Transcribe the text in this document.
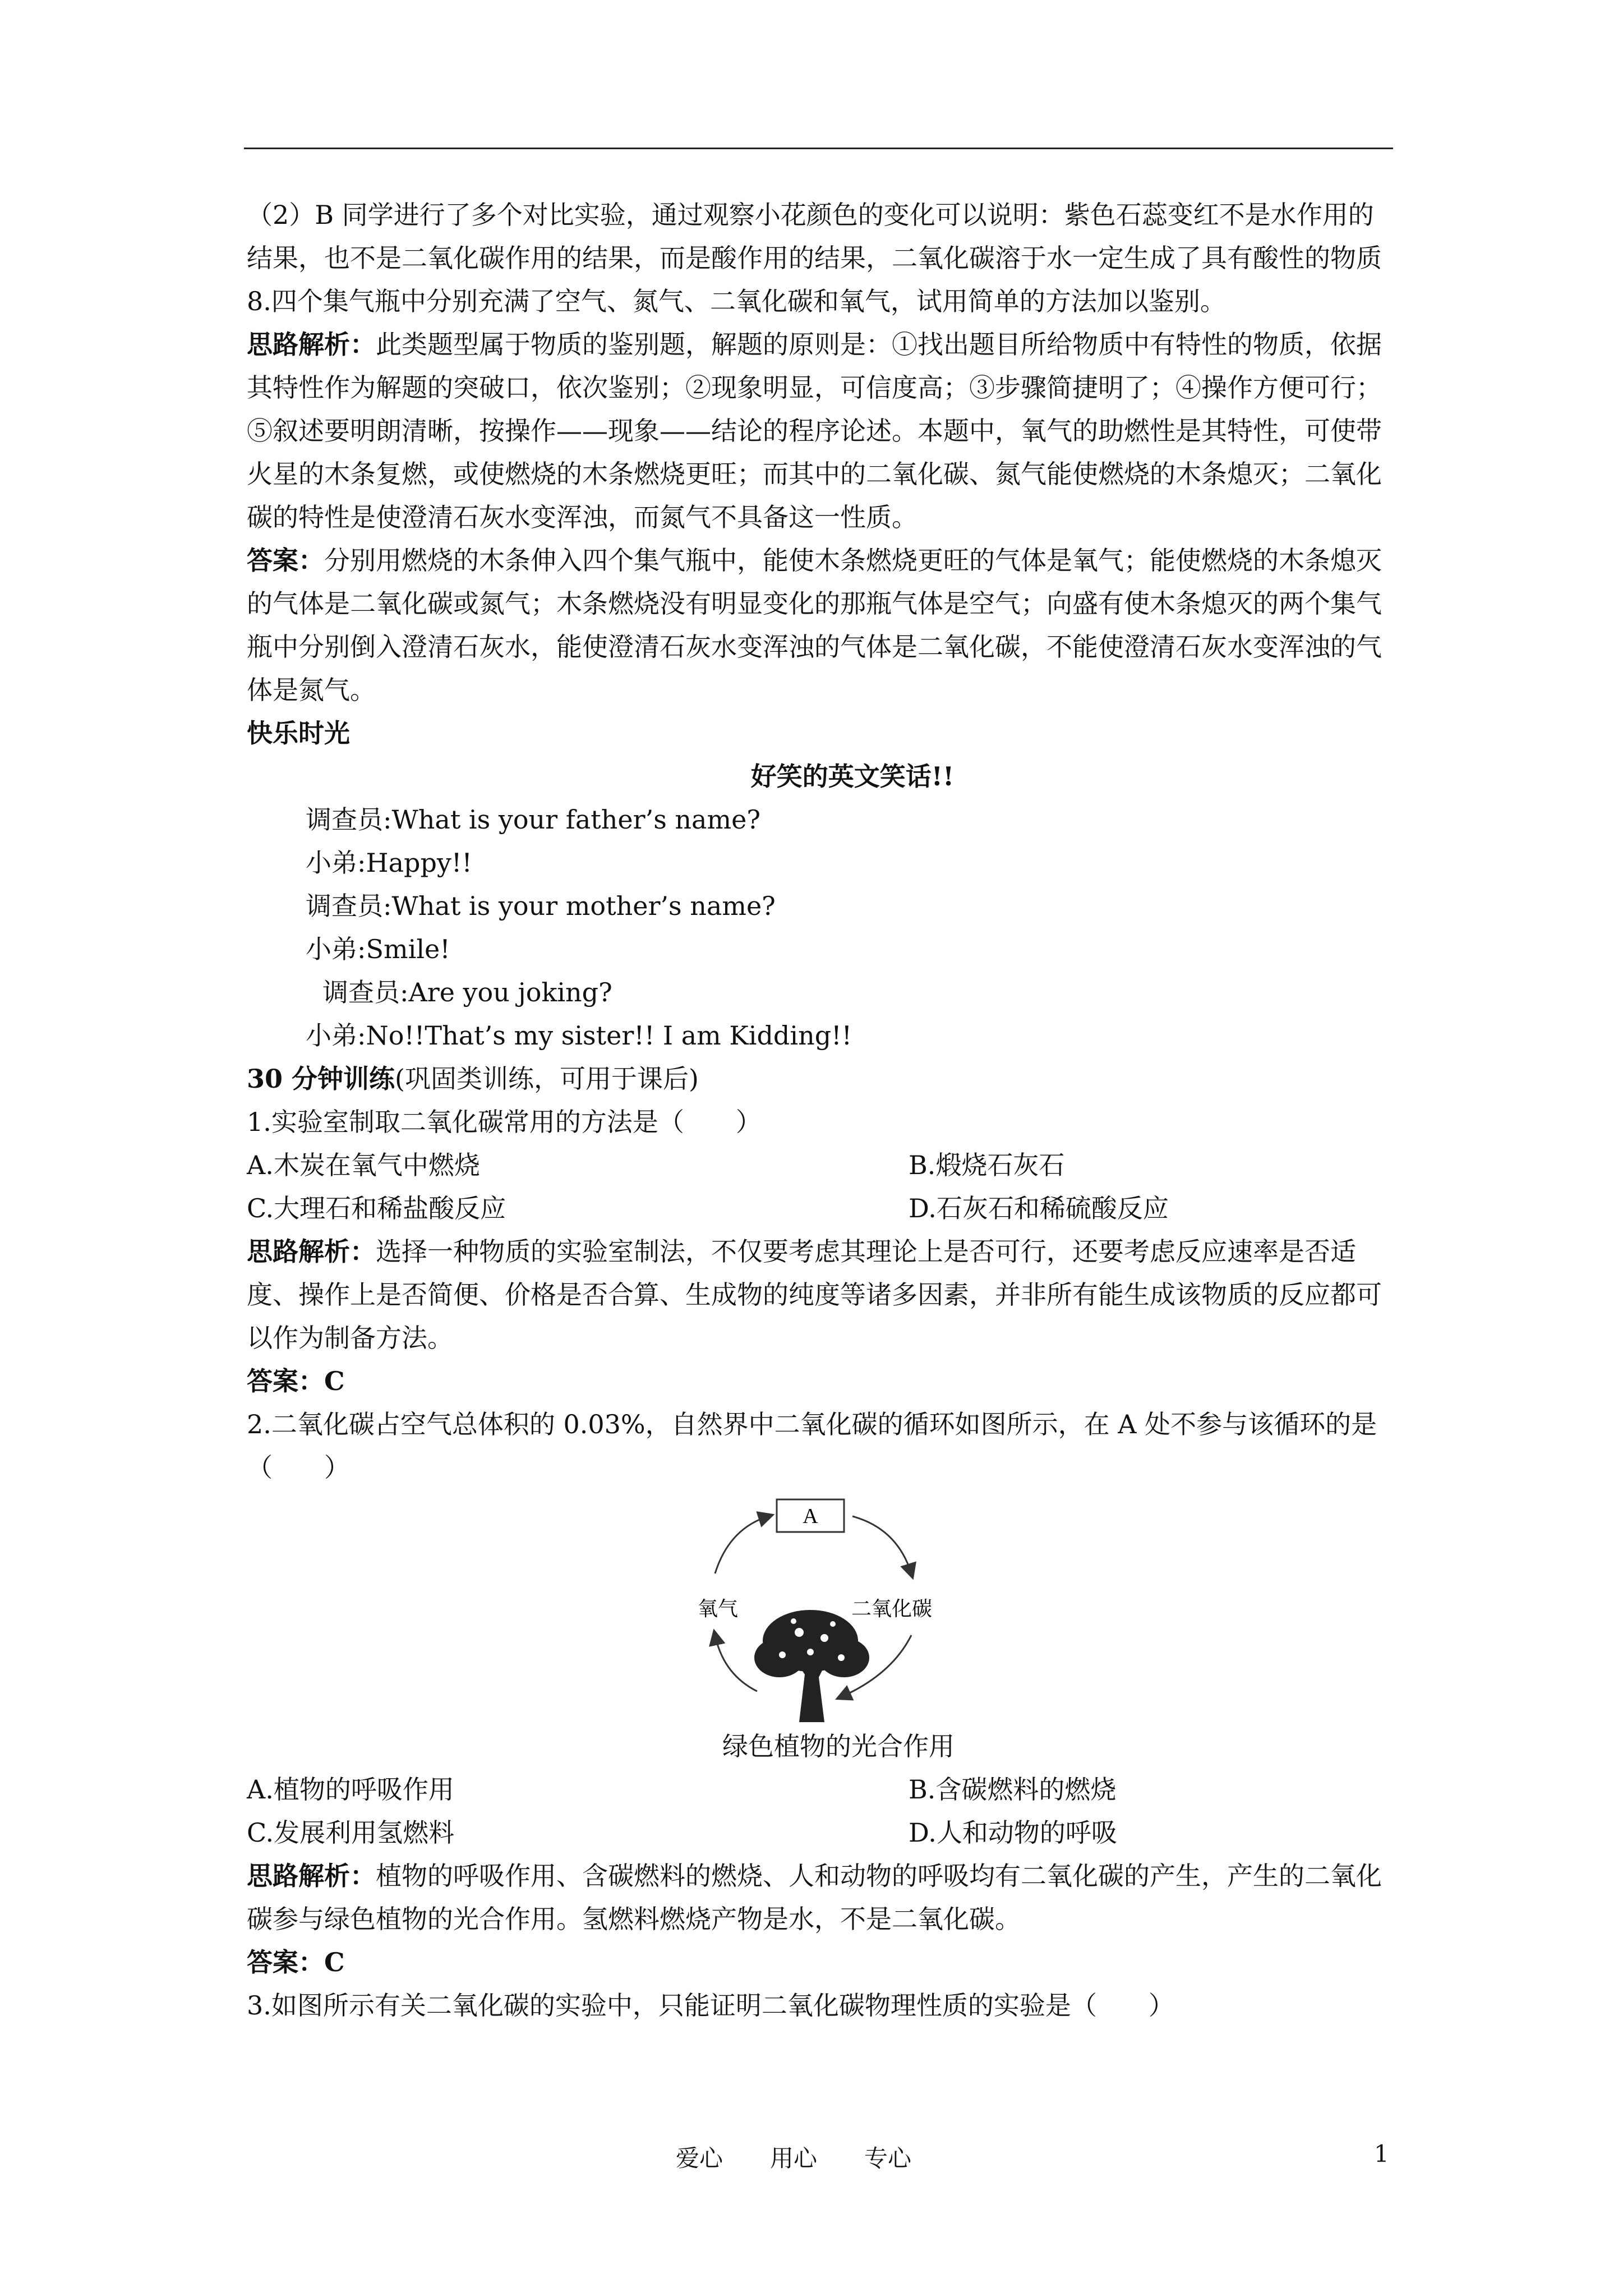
（2）B 同学进行了多个对比实验，通过观察小花颜色的变化可以说明：紫色石蕊变红不是水作用的结果，也不是二氧化碳作用的结果，而是酸作用的结果，二氧化碳溶于水一定生成了具有酸性的物质

8.四个集气瓶中分别充满了空气、氮气、二氧化碳和氧气，试用简单的方法加以鉴别。

思路解析：此类题型属于物质的鉴别题，解题的原则是：①找出题目所给物质中有特性的物质，依据其特性作为解题的突破口，依次鉴别；②现象明显，可信度高；③步骤简捷明了；④操作方便可行；⑤叙述要明朗清晰，按操作——现象——结论的程序论述。本题中，氧气的助燃性是其特性，可使带火星的木条复燃，或使燃烧的木条燃烧更旺；而其中的二氧化碳、氮气能使燃烧的木条熄灭；二氧化碳的特性是使澄清石灰水变浑浊，而氮气不具备这一性质。

答案：分别用燃烧的木条伸入四个集气瓶中，能使木条燃烧更旺的气体是氧气；能使燃烧的木条熄灭的气体是二氧化碳或氮气；木条燃烧没有明显变化的那瓶气体是空气；向盛有使木条熄灭的两个集气瓶中分别倒入澄清石灰水，能使澄清石灰水变浑浊的气体是二氧化碳，不能使澄清石灰水变浑浊的气体是氮气。

快乐时光

好笑的英文笑话!!

调查员:What is your father’s name?

小弟:Happy!!

调查员:What is your mother’s name?

小弟:Smile!

调查员:Are you joking?

小弟:No!!That’s my sister!! I am Kidding!!

30 分钟训练(巩固类训练，可用于课后)

1.实验室制取二氧化碳常用的方法是（　　）

A.木炭在氧气中燃烧	B.煅烧石灰石
C.大理石和稀盐酸反应	D.石灰石和稀硫酸反应

思路解析：选择一种物质的实验室制法，不仅要考虑其理论上是否可行，还要考虑反应速率是否适度、操作上是否简便、价格是否合算、生成物的纯度等诸多因素，并非所有能生成该物质的反应都可以作为制备方法。

答案：C

2.二氧化碳占空气总体积的 0.03%，自然界中二氧化碳的循环如图所示，在 A 处不参与该循环的是（　　）

A
氧气	二氧化碳

绿色植物的光合作用

A.植物的呼吸作用	B.含碳燃料的燃烧
C.发展利用氢燃料	D.人和动物的呼吸

思路解析：植物的呼吸作用、含碳燃料的燃烧、人和动物的呼吸均有二氧化碳的产生，产生的二氧化碳参与绿色植物的光合作用。氢燃料燃烧产物是水，不是二氧化碳。

答案：C

3.如图所示有关二氧化碳的实验中，只能证明二氧化碳物理性质的实验是（　　）

爱心　　用心　　专心	1
